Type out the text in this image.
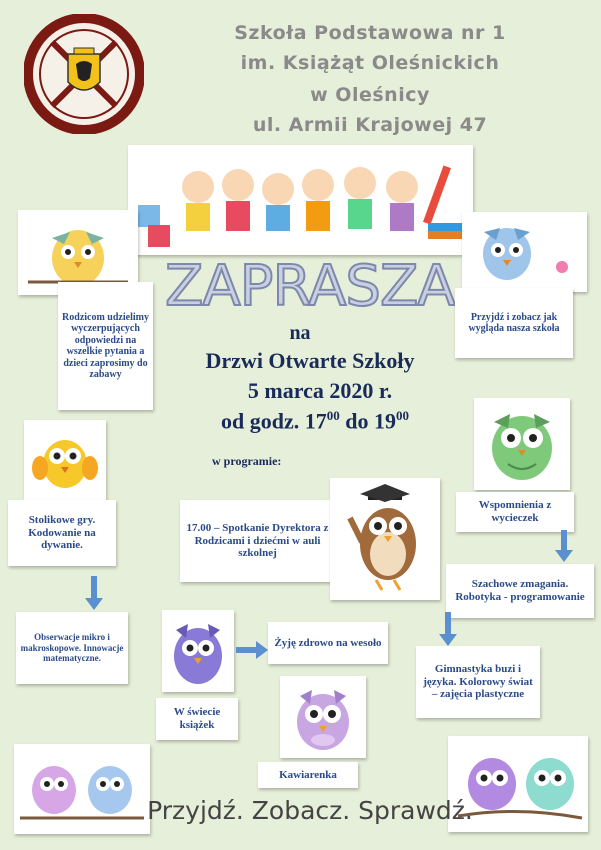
Szkoła Podstawowa nr 1
im. Książąt Oleśnickich
w Oleśnicy
ul. Armii Krajowej 47
Rodzicom udzielimy wyczerpujących odpowiedzi na wszelkie pytania a dzieci zaprosimy do zabawy
ZAPRASZA	Przyjdź i zobacz jak wygląda nasza szkoła
na
Drzwi Otwarte Szkoły
5 marca 2020 r.
od godz. $17^{00}$ do $19^{00}$
w programie:
Stolikowe gry. Kodowanie na dywanie.
17.00 – Spotkanie Dyrektora z Rodzicami i dziećmi w auli szkolnej
Wspomnienia z wycieczek
Szachowe zmagania. Robotyka - programowanie
Obserwacje mikro i makroskopowe. Innowacje matematyczne.
Żyję zdrowo na wesoło
Gimnastyka buzi i języka. Kolorowy świat – zajęcia plastyczne
W świecie książek
Kawiarenka
Przyjdź. Zobacz. Sprawdź.
